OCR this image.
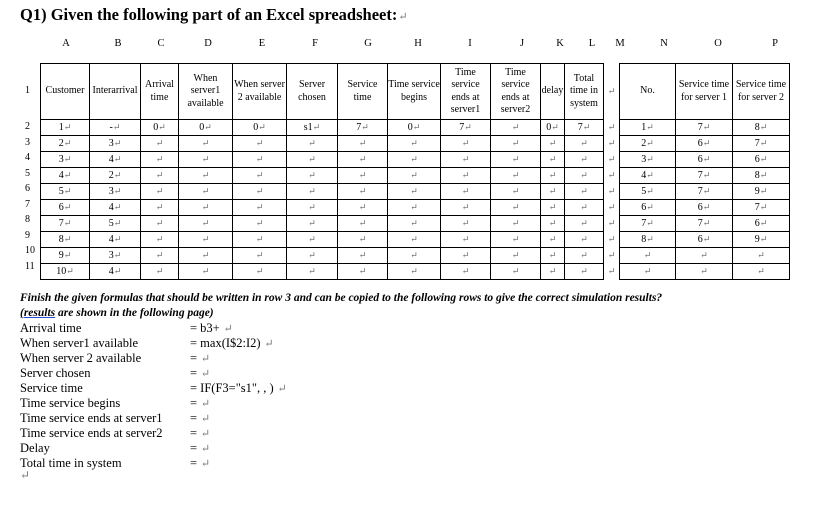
Q1) Given the following part of an Excel spreadsheet:↵
A	B	C	D	E	F	G	H	I	J	K L M	N	O	P
1 Customer	Interarrival	Arrival time	When server1 available	When server 2 available	Server chosen	Service time	Time service begins	Time service ends at server1	Time service ends at server2	delay	Total time in system	↵	No.	Service time for server 1	Service time for server 2
1↵	-↵	0↵	0↵	0↵	s1↵	7↵	0↵	7↵	↵	0↵	7↵	↵	1↵	7↵	8↵
2↵	3↵	↵	↵	↵	↵	↵	↵	↵	↵	↵	↵	↵	2↵	6↵	7↵
3↵	4↵	↵	↵	↵	↵	↵	↵	↵	↵	↵	↵	↵	3↵	6↵	6↵
4↵	2↵	↵	↵	↵	↵	↵	↵	↵	↵	↵	↵	↵	4↵	7↵	8↵
5↵	3↵	↵	↵	↵	↵	↵	↵	↵	↵	↵	↵	↵	5↵	7↵	9↵
6↵	4↵	↵	↵	↵	↵	↵	↵	↵	↵	↵	↵	↵	6↵	6↵	7↵
7↵	5↵	↵	↵	↵	↵	↵	↵	↵	↵	↵	↵	↵	7↵	7↵	6↵
8↵	4↵	↵	↵	↵	↵	↵	↵	↵	↵	↵	↵	↵	8↵	6↵	9↵
9↵	3↵	↵	↵	↵	↵	↵	↵	↵	↵	↵	↵	↵	↵	↵	↵
10↵	4↵	↵	↵	↵	↵	↵	↵	↵	↵	↵	↵	↵	↵	↵	↵
2
3
4
5
6
7
8
9
10
11
Finish the given formulas that should be written in row 3 and can be copied to the following rows to give the correct simulation results?
(results are shown in the following page)
Arrival time	= b3+ ↵
When server1 available	= max(I$2:I2) ↵
When server 2 available	= ↵
Server chosen	= ↵
Service time	= IF(F3="s1", , ) ↵
Time service begins	= ↵
Time service ends at server1 = ↵
Time service ends at server2 = ↵
Delay	= ↵
Total time in system	= ↵
↵
